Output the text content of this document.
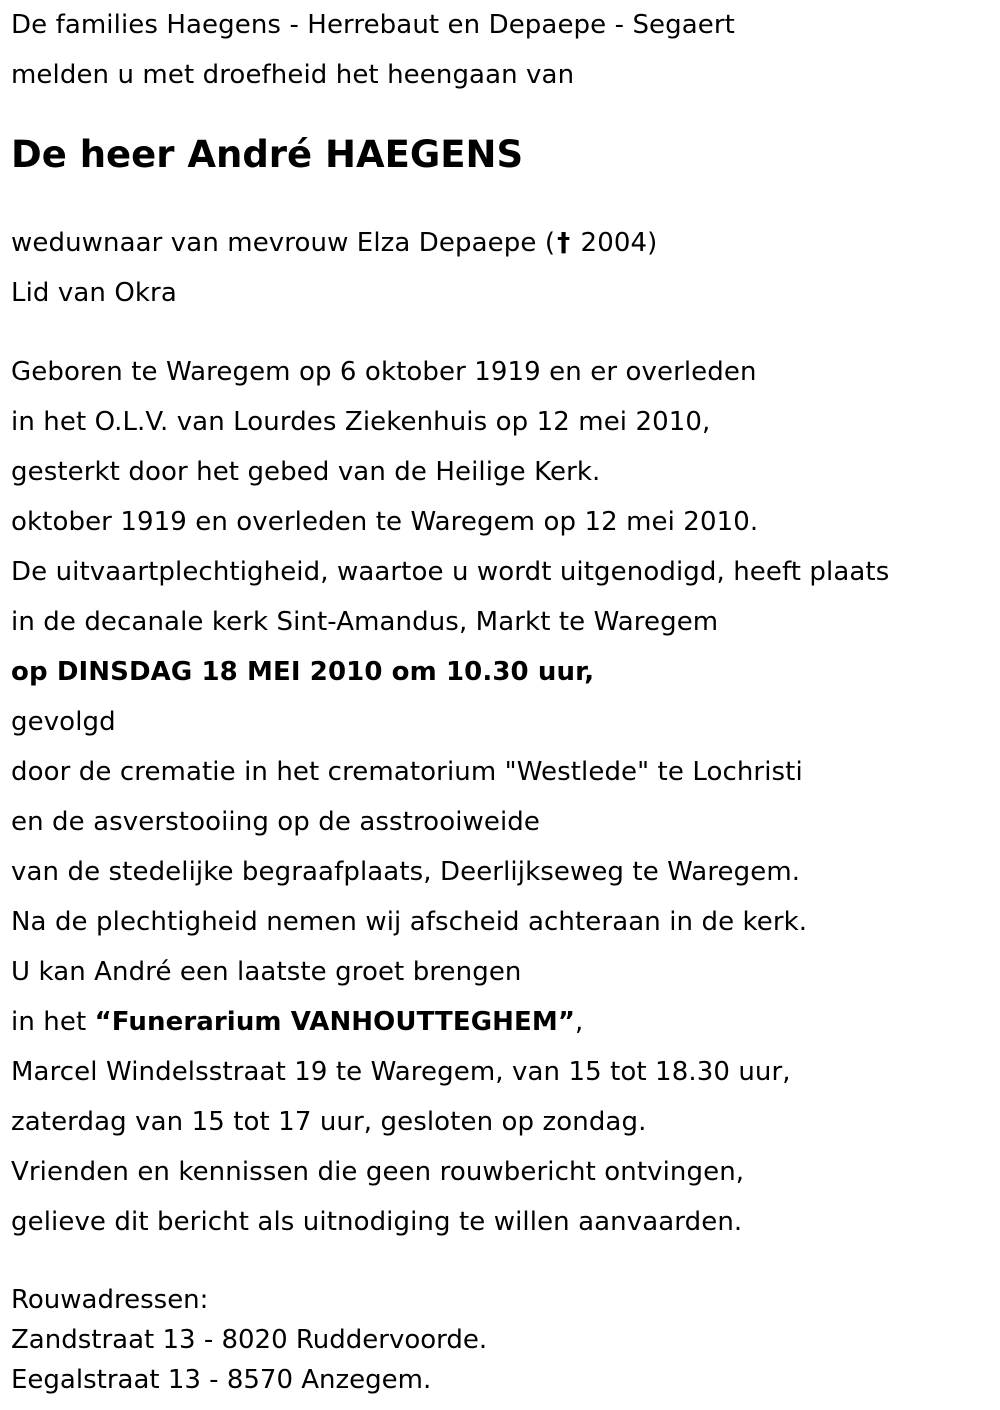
De families Haegens - Herrebaut en Depaepe - Segaert
melden u met droefheid het heengaan van
De heer André HAEGENS
weduwnaar van mevrouw Elza Depaepe († 2004)
Lid van Okra
Geboren te Waregem op 6 oktober 1919 en er overleden
in het O.L.V. van Lourdes Ziekenhuis op 12 mei 2010,
gesterkt door het gebed van de Heilige Kerk.
oktober 1919 en overleden te Waregem op 12 mei 2010.
De uitvaartplechtigheid, waartoe u wordt uitgenodigd, heeft plaats
in de decanale kerk Sint-Amandus, Markt te Waregem
op DINSDAG 18 MEI 2010 om 10.30 uur,
gevolgd
door de crematie in het crematorium "Westlede" te Lochristi
en de asverstooiing op de asstrooiweide
van de stedelijke begraafplaats, Deerlijkseweg te Waregem.
Na de plechtigheid nemen wij afscheid achteraan in de kerk.
U kan André een laatste groet brengen
in het “Funerarium VANHOUTTEGHEM”,
Marcel Windelsstraat 19 te Waregem, van 15 tot 18.30 uur,
zaterdag van 15 tot 17 uur, gesloten op zondag.
Vrienden en kennissen die geen rouwbericht ontvingen,
gelieve dit bericht als uitnodiging te willen aanvaarden.
Rouwadressen:
Zandstraat 13 - 8020 Ruddervoorde.
Eegalstraat 13 - 8570 Anzegem.
